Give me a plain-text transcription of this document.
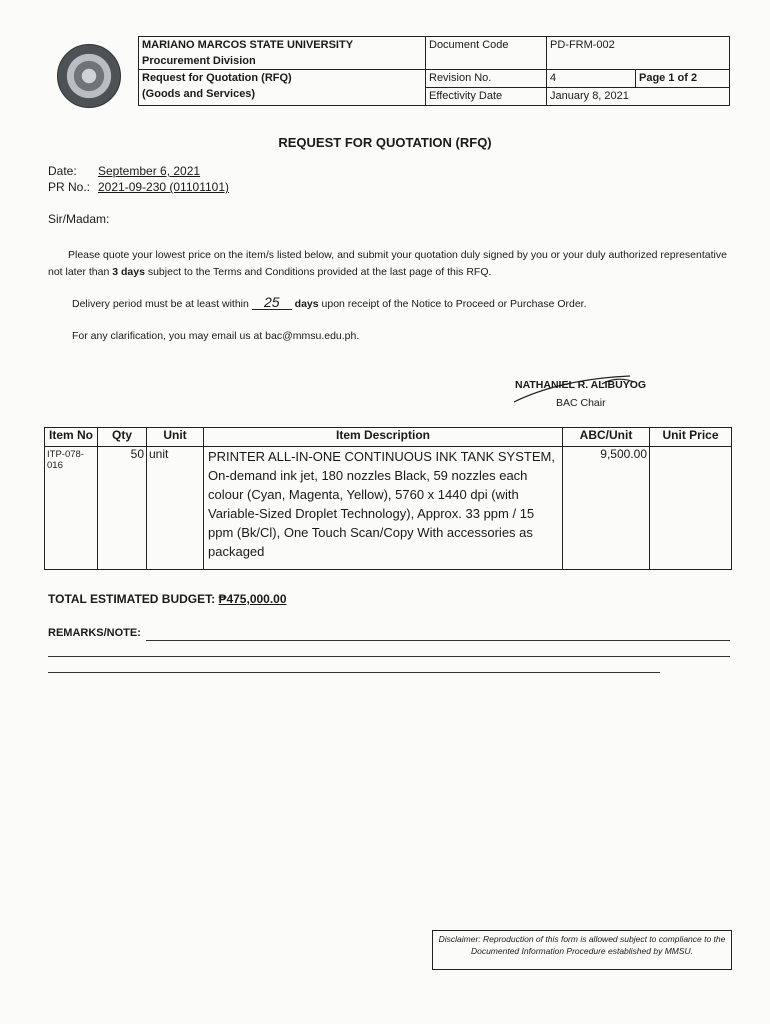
MARIANO MARCOS STATE UNIVERSITY
Procurement Division	Document Code	PD-FRM-002	

Request for Quotation (RFQ)
(Goods and Services)	Revision No.	4	Page 1 of 2
	Effectivity Date	January 8, 2021	
REQUEST FOR QUOTATION (RFQ)
Date: September 6, 2021
PR No.: 2021-09-230 (01101101)
Sir/Madam:
Please quote your lowest price on the item/s listed below, and submit your quotation duly signed by you or your duly authorized representative not later than 3 days subject to the Terms and Conditions provided at the last page of this RFQ.
Delivery period must be at least within 25 days upon receipt of the Notice to Proceed or Purchase Order.
For any clarification, you may email us at bac@mmsu.edu.ph.
NATHANIEL R. ALIBUYOG
BAC Chair
Item No	Qty	Unit	Item Description	ABC/Unit	Unit Price
ITP-078-016	50	unit	PRINTER ALL-IN-ONE CONTINUOUS INK TANK SYSTEM, On-demand ink jet, 180 nozzles Black, 59 nozzles each colour (Cyan, Magenta, Yellow), 5760 x 1440 dpi (with Variable-Sized Droplet Technology), Approx. 33 ppm / 15 ppm (Bk/Cl), One Touch Scan/Copy With accessories as packaged	9,500.00	
TOTAL ESTIMATED BUDGET: ₱475,000.00
REMARKS/NOTE:
Disclaimer: Reproduction of this form is allowed subject to compliance to the Documented Information Procedure established by MMSU.
